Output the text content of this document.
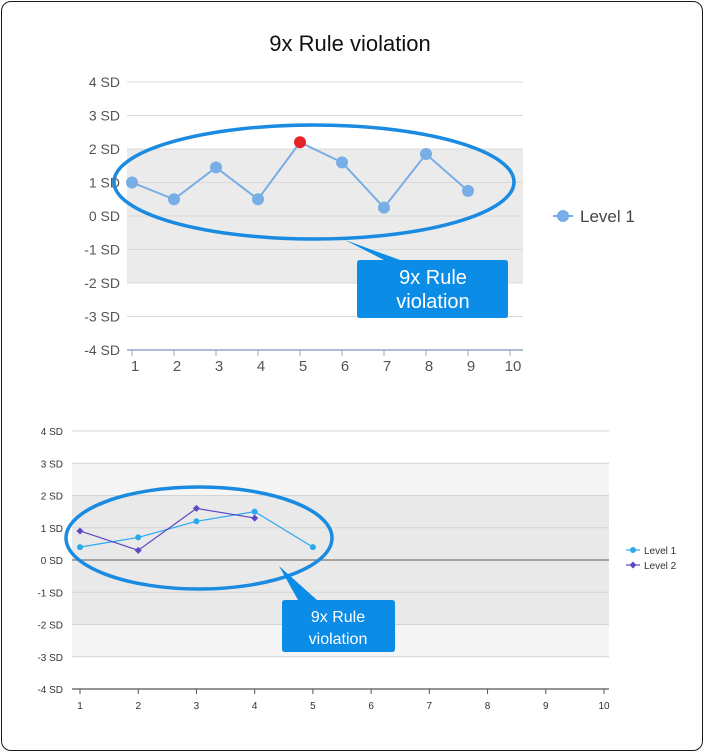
9x Rule violation
4 SD
3 SD
2 SD
1 SD
0 SD
-1 SD
-2 SD
-3 SD
-4 SD
1 2 3 4 5 6 7 8 9 10
9x Rule
violation
Level 1
4 SD
3 SD
2 SD
1 SD
0 SD
-1 SD
-2 SD
-3 SD
-4 SD
1	2	3	4	5	6	7	8	9	10
9x Rule
violation
Level 1
Level 2
